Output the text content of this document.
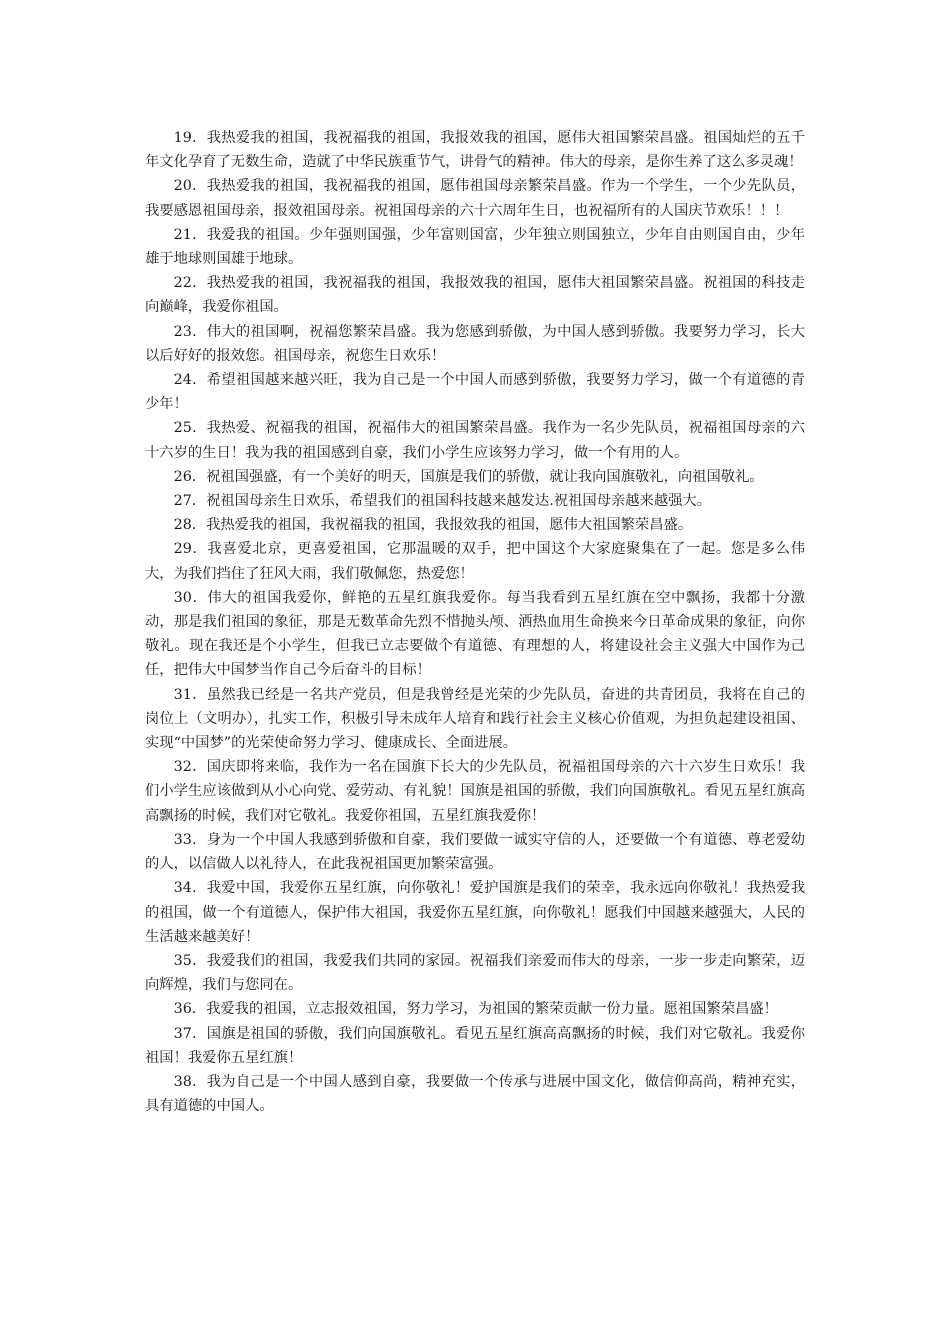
19．我热爱我的祖国，我祝福我的祖国，我报效我的祖国，愿伟大祖国繁荣昌盛。祖国灿烂的五千年文化孕育了无数生命，造就了中华民族重节气，讲骨气的精神。伟大的母亲，是你生养了这么多灵魂！

20．我热爱我的祖国，我祝福我的祖国，愿伟祖国母亲繁荣昌盛。作为一个学生，一个少先队员，我要感恩祖国母亲，报效祖国母亲。祝祖国母亲的六十六周年生日，也祝福所有的人国庆节欢乐！！！

21．我爱我的祖国。少年强则国强，少年富则国富，少年独立则国独立，少年自由则国自由，少年雄于地球则国雄于地球。

22．我热爱我的祖国，我祝福我的祖国，我报效我的祖国，愿伟大祖国繁荣昌盛。祝祖国的科技走向巅峰，我爱你祖国。

23．伟大的祖国啊，祝福您繁荣昌盛。我为您感到骄傲，为中国人感到骄傲。我要努力学习，长大以后好好的报效您。祖国母亲，祝您生日欢乐！

24．希望祖国越来越兴旺，我为自己是一个中国人而感到骄傲，我要努力学习，做一个有道德的青少年！

25．我热爱、祝福我的祖国，祝福伟大的祖国繁荣昌盛。我作为一名少先队员，祝福祖国母亲的六十六岁的生日！我为我的祖国感到自豪，我们小学生应该努力学习，做一个有用的人。

26．祝祖国强盛，有一个美好的明天，国旗是我们的骄傲，就让我向国旗敬礼，向祖国敬礼。

27．祝祖国母亲生日欢乐，希望我们的祖国科技越来越发达.祝祖国母亲越来越强大。

28．我热爱我的祖国，我祝福我的祖国，我报效我的祖国，愿伟大祖国繁荣昌盛。

29．我喜爱北京，更喜爱祖国，它那温暖的双手，把中国这个大家庭聚集在了一起。您是多么伟大，为我们挡住了狂风大雨，我们敬佩您，热爱您！

30．伟大的祖国我爱你，鲜艳的五星红旗我爱你。每当我看到五星红旗在空中飘扬，我都十分激动，那是我们祖国的象征，那是无数革命先烈不惜抛头颅、洒热血用生命换来今日革命成果的象征，向你敬礼。现在我还是个小学生，但我已立志要做个有道德、有理想的人，将建设社会主义强大中国作为己任，把伟大中国梦当作自己今后奋斗的目标！

31．虽然我已经是一名共产党员，但是我曾经是光荣的少先队员，奋进的共青团员，我将在自己的岗位上（文明办），扎实工作，积极引导未成年人培育和践行社会主义核心价值观，为担负起建设祖国、实现“中国梦”的光荣使命努力学习、健康成长、全面进展。

32．国庆即将来临，我作为一名在国旗下长大的少先队员，祝福祖国母亲的六十六岁生日欢乐！我们小学生应该做到从小心向党、爱劳动、有礼貌！国旗是祖国的骄傲，我们向国旗敬礼。看见五星红旗高高飘扬的时候，我们对它敬礼。我爱你祖国，五星红旗我爱你！

33．身为一个中国人我感到骄傲和自豪，我们要做一诚实守信的人，还要做一个有道德、尊老爱幼的人，以信做人以礼待人，在此我祝祖国更加繁荣富强。

34．我爱中国，我爱你五星红旗，向你敬礼！爱护国旗是我们的荣幸，我永远向你敬礼！我热爱我的祖国，做一个有道德人，保护伟大祖国，我爱你五星红旗，向你敬礼！愿我们中国越来越强大，人民的生活越来越美好！

35．我爱我们的祖国，我爱我们共同的家园。祝福我们亲爱而伟大的母亲，一步一步走向繁荣，迈向辉煌，我们与您同在。

36．我爱我的祖国，立志报效祖国，努力学习，为祖国的繁荣贡献一份力量。愿祖国繁荣昌盛！

37．国旗是祖国的骄傲，我们向国旗敬礼。看见五星红旗高高飘扬的时候，我们对它敬礼。我爱你祖国！我爱你五星红旗！

38．我为自己是一个中国人感到自豪，我要做一个传承与进展中国文化，做信仰高尚，精神充实，具有道德的中国人。
